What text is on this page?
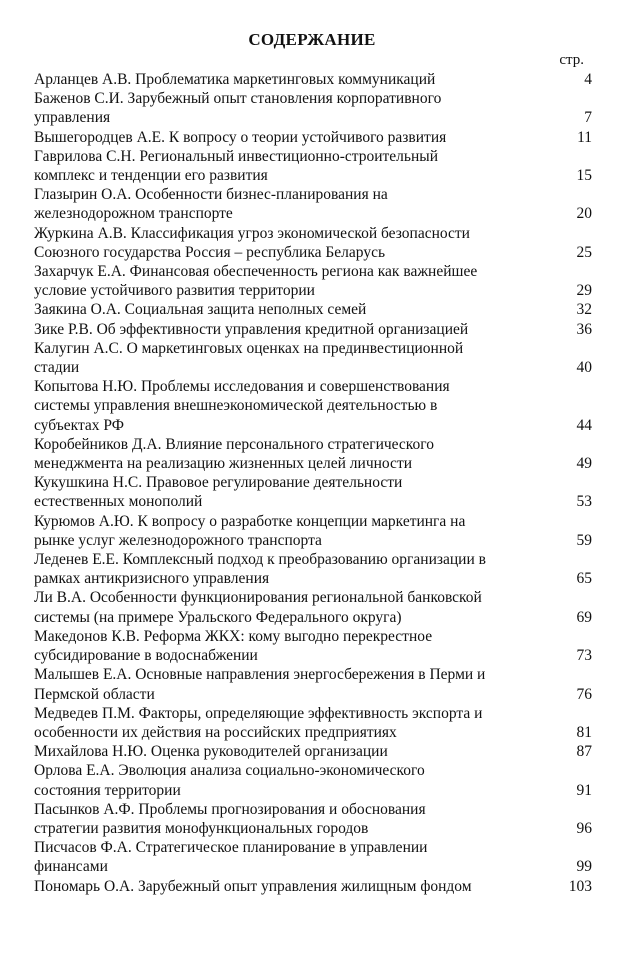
СОДЕРЖАНИЕ
стр.
Арланцев А.В. Проблематика маркетинговых коммуникаций	4
Баженов С.И. Зарубежный опыт становления корпоративного
управления	7
Вышегородцев А.Е. К вопросу о теории устойчивого развития	11
Гаврилова С.Н. Региональный инвестиционно-строительный
комплекс и тенденции его развития	15
Глазырин О.А. Особенности бизнес-планирования на
железнодорожном транспорте	20
Журкина А.В. Классификация угроз экономической безопасности
Союзного государства Россия – республика Беларусь	25
Захарчук Е.А. Финансовая обеспеченность региона как важнейшее
условие устойчивого развития территории	29
Заякина О.А. Социальная защита неполных семей	32
Зике Р.В. Об эффективности управления кредитной организацией	36
Калугин А.С. О маркетинговых оценках на прединвестиционной
стадии	40
Копытова Н.Ю. Проблемы исследования и совершенствования
системы управления внешнеэкономической деятельностью в
субъектах РФ	44
Коробейников Д.А. Влияние персонального стратегического
менеджмента на реализацию жизненных целей личности	49
Кукушкина Н.С. Правовое регулирование деятельности
естественных монополий	53
Курюмов А.Ю. К вопросу о разработке концепции маркетинга на
рынке услуг железнодорожного транспорта	59
Леденев Е.Е. Комплексный подход к преобразованию организации в
рамках антикризисного управления	65
Ли В.А. Особенности функционирования региональной банковской
системы (на примере Уральского Федерального округа)	69
Македонов К.В. Реформа ЖКХ: кому выгодно перекрестное
субсидирование в водоснабжении	73
Малышев Е.А. Основные направления энергосбережения в Перми и
Пермской области	76
Медведев П.М. Факторы, определяющие эффективность экспорта и
особенности их действия на российских предприятиях	81
Михайлова Н.Ю. Оценка руководителей организации	87
Орлова Е.А. Эволюция анализа социально-экономического
состояния территории	91
Пасынков А.Ф. Проблемы прогнозирования и обоснования
стратегии развития монофункциональных городов	96
Писчасов Ф.А. Стратегическое планирование в управлении
финансами	99
Пономарь О.А. Зарубежный опыт управления жилищным фондом	103
